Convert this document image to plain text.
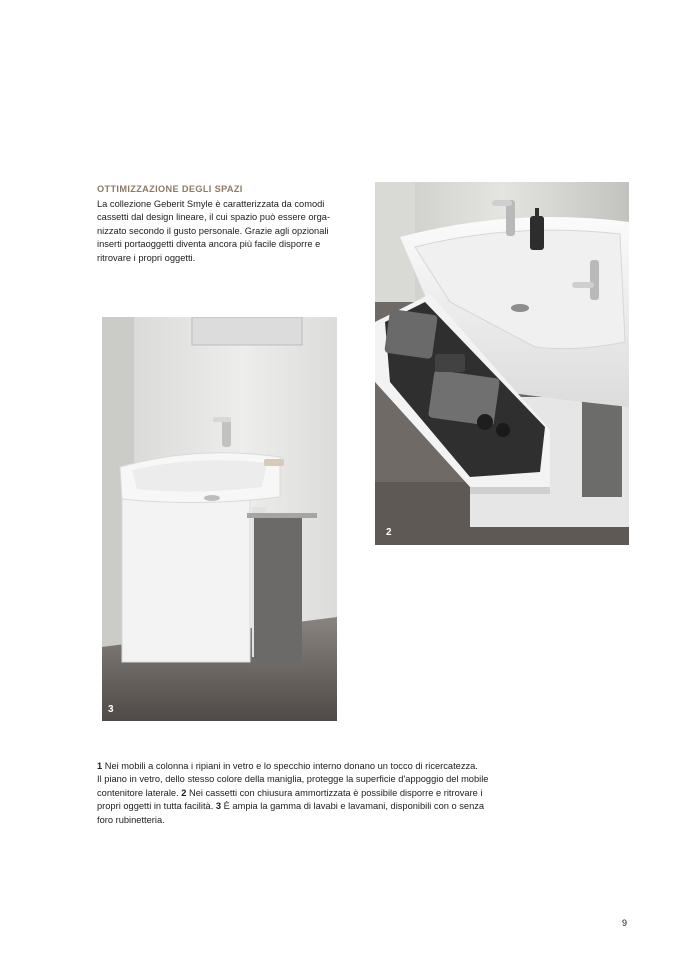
OTTIMIZZAZIONE DEGLI SPAZI

La collezione Geberit Smyle è caratterizzata da comodi
cassetti dal design lineare, il cui spazio può essere orga-
nizzato secondo il gusto personale. Grazie agli opzionali
inserti portaoggetti diventa ancora più facile disporre e
ritrovare i propri oggetti.

2
3

1 Nei mobili a colonna i ripiani in vetro e lo specchio interno donano un tocco di ricercatezza.
Il piano in vetro, dello stesso colore della maniglia, protegge la superficie d'appoggio del mobile
contenitore laterale. 2 Nei cassetti con chiusura ammortizzata è possibile disporre e ritrovare i
propri oggetti in tutta facilità. 3 È ampia la gamma di lavabi e lavamani, disponibili con o senza
foro rubinetteria.

9
